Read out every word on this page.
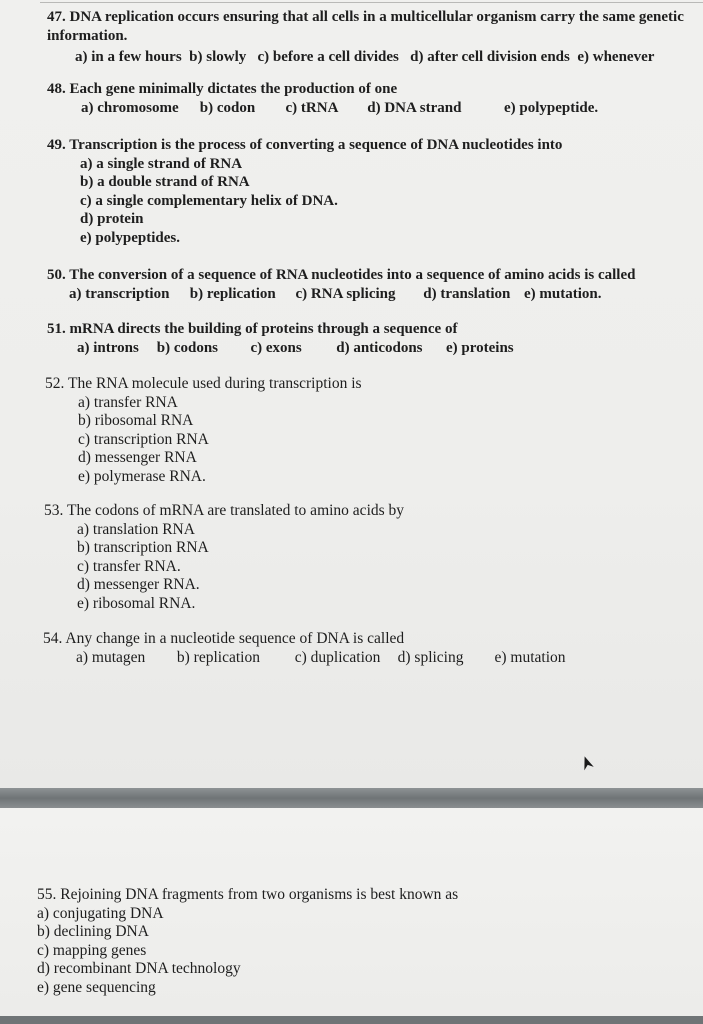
47. DNA replication occurs ensuring that all cells in a multicellular organism carry the same genetic
information.
a) in a few hours b) slowly c) before a cell divides d) after cell division ends e) whenever
48. Each gene minimally dictates the production of one
a) chromosome b) codon c) tRNA d) DNA strand	e) polypeptide.
49. Transcription is the process of converting a sequence of DNA nucleotides into
a) a single strand of RNA
b) a double strand of RNA
c) a single complementary helix of DNA.
d) protein
e) polypeptides.
50. The conversion of a sequence of RNA nucleotides into a sequence of amino acids is called
a) transcription b) replication c) RNA splicing d) translation e) mutation.
51. mRNA directs the building of proteins through a sequence of
a) introns b) codons c) exons d) anticodons e) proteins
52. The RNA molecule used during transcription is
a) transfer RNA
b) ribosomal RNA
c) transcription RNA
d) messenger RNA
e) polymerase RNA.
53. The codons of mRNA are translated to amino acids by
a) translation RNA
b) transcription RNA
c) transfer RNA.
d) messenger RNA.
e) ribosomal RNA.
54. Any change in a nucleotide sequence of DNA is called
a) mutagen b) replication c) duplication d) splicing e) mutation
55. Rejoining DNA fragments from two organisms is best known as
a) conjugating DNA
b) declining DNA
c) mapping genes
d) recombinant DNA technology
e) gene sequencing
